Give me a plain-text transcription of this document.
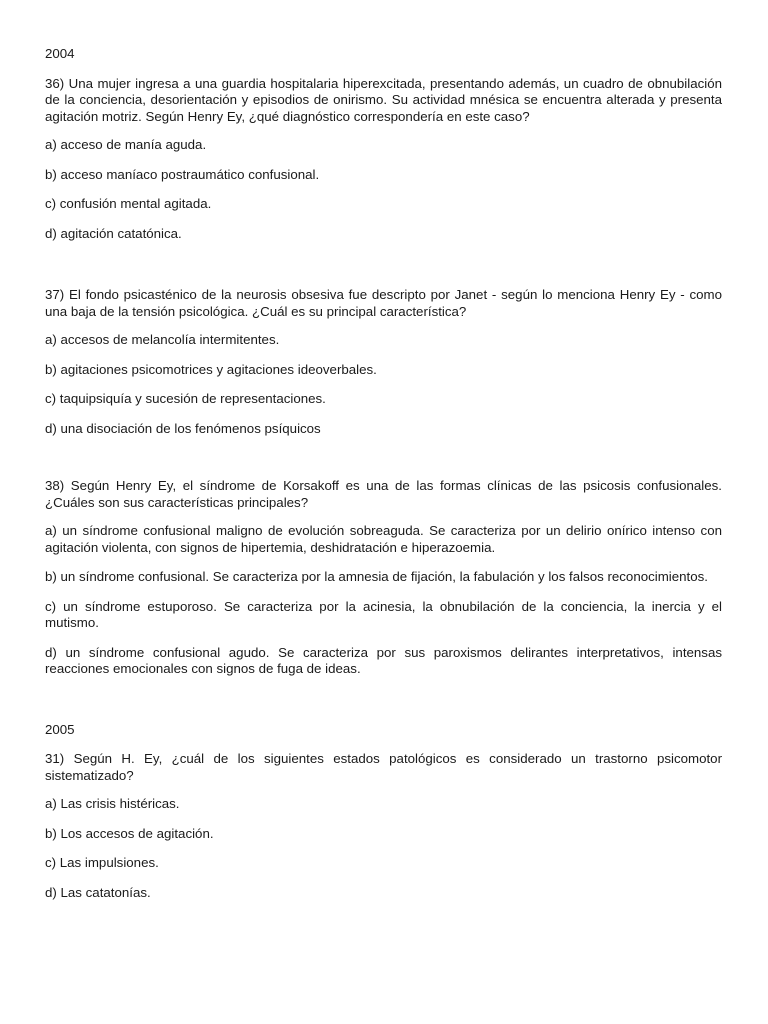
2004
36) Una mujer ingresa a una guardia hospitalaria hiperexcitada, presentando además, un cuadro de obnubilación de la conciencia, desorientación y episodios de onirismo. Su actividad mnésica se encuentra alterada y presenta agitación motriz. Según Henry Ey, ¿qué diagnóstico correspondería en este caso?
a) acceso de manía aguda.
b) acceso maníaco postraumático confusional.
c) confusión mental agitada.
d) agitación catatónica.
37) El fondo psicasténico de la neurosis obsesiva fue descripto por Janet - según lo menciona Henry Ey - como una baja de la tensión psicológica. ¿Cuál es su principal característica?
a) accesos de melancolía intermitentes.
b) agitaciones psicomotrices y agitaciones ideoverbales.
c) taquipsiquía y sucesión de representaciones.
d) una disociación de los fenómenos psíquicos
38) Según Henry Ey, el síndrome de Korsakoff es una de las formas clínicas de las psicosis confusionales. ¿Cuáles son sus características principales?
a) un síndrome confusional maligno de evolución sobreaguda. Se caracteriza por un delirio onírico intenso con agitación violenta, con signos de hipertemia, deshidratación e hiperazoemia.
b) un síndrome confusional. Se caracteriza por la amnesia de fijación, la fabulación y los falsos reconocimientos.
c) un síndrome estuporoso. Se caracteriza por la acinesia, la obnubilación de la conciencia, la inercia y el mutismo.
d) un síndrome confusional agudo. Se caracteriza por sus paroxismos delirantes interpretativos, intensas reacciones emocionales con signos de fuga de ideas.
2005
31) Según H. Ey, ¿cuál de los siguientes estados patológicos es considerado un trastorno psicomotor sistematizado?
a) Las crisis histéricas.
b) Los accesos de agitación.
c) Las impulsiones.
d) Las catatonías.
